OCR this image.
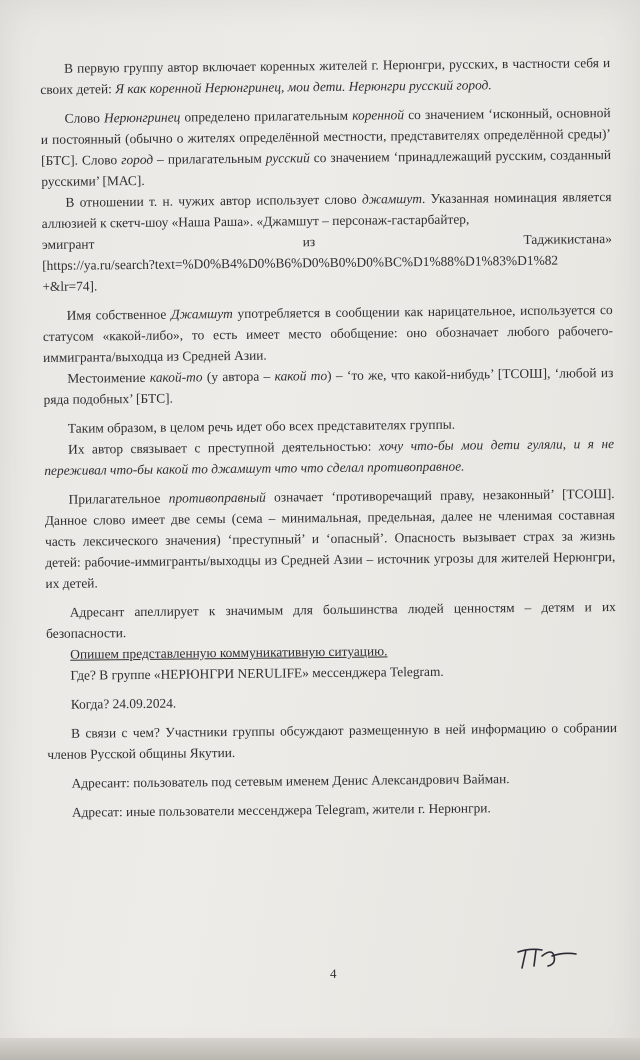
В первую группу автор включает коренных жителей г. Нерюнгри, русских, в частности себя и своих детей: Я как коренной Нерюнгринец, мои дети. Нерюнгри русский город.

Слово Нерюнгринец определено прилагательным коренной со значением ‘исконный, основной и постоянный (обычно о жителях определённой местности, представителях определённой среды)’ [БТС]. Слово город – прилагательным русский со значением ‘принадлежащий русским, созданный русскими’ [МАС].

В отношении т. н. чужих автор использует слово джамшут. Указанная номинация является аллюзией к скетч-шоу «Наша Раша». «Джамшут – персонаж-гастарбайтер,

эмигрант	из	Таджикистана»

[https://ya.ru/search?text=%D0%B4%D0%B6%D0%B0%D0%BC%D1%88%D1%83%D1%82
+&lr=74].

Имя собственное Джамшут употребляется в сообщении как нарицательное, используется со статусом «какой-либо», то есть имеет место обобщение: оно обозначает любого рабочего-иммигранта/выходца из Средней Азии.

Местоимение какой-то (у автора – какой то) – ‘то же, что какой-нибудь’ [ТСОШ], ‘любой из ряда подобных’ [БТС].

Таким образом, в целом речь идет обо всех представителях группы.

Их автор связывает с преступной деятельностью: хочу что-бы мои дети гуляли, и я не переживал что-бы какой то джамшут что что сделал противоправное.

Прилагательное противоправный означает ‘противоречащий праву, незаконный’ [ТСОШ]. Данное слово имеет две семы (сема – минимальная, предельная, далее не членимая составная часть лексического значения) ‘преступный’ и ‘опасный’. Опасность вызывает страх за жизнь детей: рабочие-иммигранты/выходцы из Средней Азии – источник угрозы для жителей Нерюнгри, их детей.

Адресант апеллирует к значимым для большинства людей ценностям – детям и их безопасности.

Опишем представленную коммуникативную ситуацию.

Где? В группе «НЕРЮНГРИ NERULIFE» мессенджера Telegram.

Когда? 24.09.2024.

В связи с чем? Участники группы обсуждают размещенную в ней информацию о собрании членов Русской общины Якутии.

Адресант: пользователь под сетевым именем Денис Александрович Вайман.

Адресат: иные пользователи мессенджера Telegram, жители г. Нерюнгри.

4
